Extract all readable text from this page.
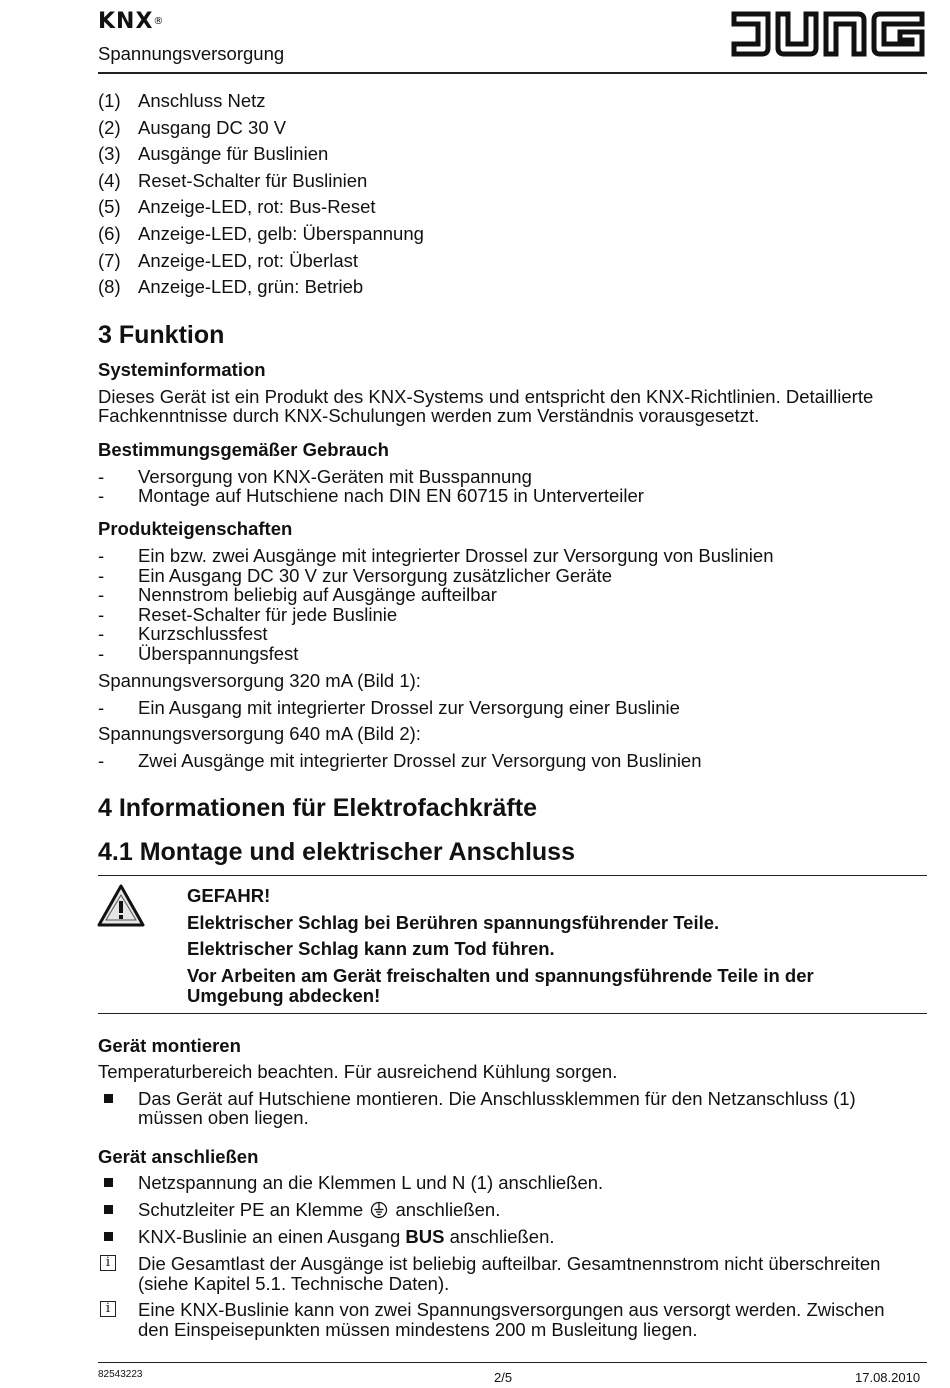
KNX®
Spannungsversorgung
(1) Anschluss Netz
(2) Ausgang DC 30 V
(3) Ausgänge für Buslinien
(4) Reset-Schalter für Buslinien
(5) Anzeige-LED, rot: Bus-Reset
(6) Anzeige-LED, gelb: Überspannung
(7) Anzeige-LED, rot: Überlast
(8) Anzeige-LED, grün: Betrieb
3 Funktion
Systeminformation
Dieses Gerät ist ein Produkt des KNX-Systems und entspricht den KNX-Richtlinien. Detaillierte
Fachkenntnisse durch KNX-Schulungen werden zum Verständnis vorausgesetzt.
Bestimmungsgemäßer Gebrauch
- Versorgung von KNX-Geräten mit Busspannung
- Montage auf Hutschiene nach DIN EN 60715 in Unterverteiler
Produkteigenschaften
- Ein bzw. zwei Ausgänge mit integrierter Drossel zur Versorgung von Buslinien
- Ein Ausgang DC 30 V zur Versorgung zusätzlicher Geräte
- Nennstrom beliebig auf Ausgänge aufteilbar
- Reset-Schalter für jede Buslinie
- Kurzschlussfest
- Überspannungsfest
Spannungsversorgung 320 mA (Bild 1):
- Ein Ausgang mit integrierter Drossel zur Versorgung einer Buslinie
Spannungsversorgung 640 mA (Bild 2):
- Zwei Ausgänge mit integrierter Drossel zur Versorgung von Buslinien
4 Informationen für Elektrofachkräfte
4.1 Montage und elektrischer Anschluss
GEFAHR!
Elektrischer Schlag bei Berühren spannungsführender Teile.
Elektrischer Schlag kann zum Tod führen.
Vor Arbeiten am Gerät freischalten und spannungsführende Teile in der
Umgebung abdecken!
Gerät montieren
Temperaturbereich beachten. Für ausreichend Kühlung sorgen.
Das Gerät auf Hutschiene montieren. Die Anschlussklemmen für den Netzanschluss (1)
müssen oben liegen.
Gerät anschließen
Netzspannung an die Klemmen L und N (1) anschließen.
Schutzleiter PE an Klemme anschließen.
KNX-Buslinie an einen Ausgang BUS anschließen.
i	Die Gesamtlast der Ausgänge ist beliebig aufteilbar. Gesamtnennstrom nicht überschreiten
(siehe Kapitel 5.1. Technische Daten).
i	Eine KNX-Buslinie kann von zwei Spannungsversorgungen aus versorgt werden. Zwischen
den Einspeisepunkten müssen mindestens 200 m Busleitung liegen.
82543223	2/5	17.08.2010
